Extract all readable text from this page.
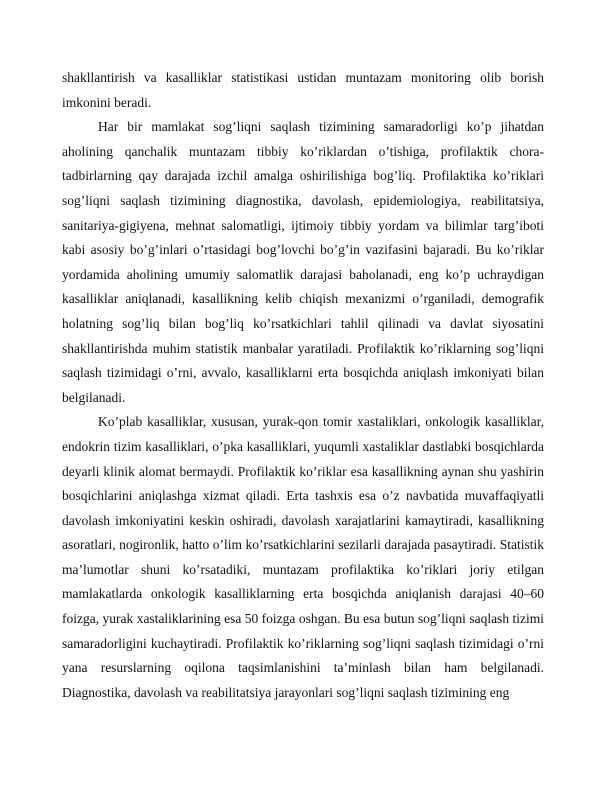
shakllantirish va kasalliklar statistikasi ustidan muntazam monitoring olib borish imkonini beradi.

Har bir mamlakat sog’liqni saqlash tizimining samaradorligi ko’p jihatdan aholining qanchalik muntazam tibbiy ko’riklardan o’tishiga, profilaktik chora-tadbirlarning qay darajada izchil amalga oshirilishiga bog’liq. Profilaktika ko’riklari sog’liqni saqlash tizimining diagnostika, davolash, epidemiologiya, reabilitatsiya, sanitariya-gigiyena, mehnat salomatligi, ijtimoiy tibbiy yordam va bilimlar targ’iboti kabi asosiy bo’g’inlari o’rtasidagi bog’lovchi bo’g’in vazifasini bajaradi. Bu ko’riklar yordamida aholining umumiy salomatlik darajasi baholanadi, eng ko’p uchraydigan kasalliklar aniqlanadi, kasallikning kelib chiqish mexanizmi o’rganiladi, demografik holatning sog’liq bilan bog’liq ko’rsatkichlari tahlil qilinadi va davlat siyosatini shakllantirishda muhim statistik manbalar yaratiladi. Profilaktik ko’riklarning sog’liqni saqlash tizimidagi o’rni, avvalo, kasalliklarni erta bosqichda aniqlash imkoniyati bilan belgilanadi.

Ko’plab kasalliklar, xususan, yurak-qon tomir xastaliklari, onkologik kasalliklar, endokrin tizim kasalliklari, o’pka kasalliklari, yuqumli xastaliklar dastlabki bosqichlarda deyarli klinik alomat bermaydi. Profilaktik ko’riklar esa kasallikning aynan shu yashirin bosqichlarini aniqlashga xizmat qiladi. Erta tashxis esa o’z navbatida muvaffaqiyatli davolash imkoniyatini keskin oshiradi, davolash xarajatlarini kamaytiradi, kasallikning asoratlari, nogironlik, hatto o’lim ko’rsatkichlarini sezilarli darajada pasaytiradi. Statistik ma’lumotlar shuni ko’rsatadiki, muntazam profilaktika ko’riklari joriy etilgan mamlakatlarda onkologik kasalliklarning erta bosqichda aniqlanish darajasi 40–60 foizga, yurak xastaliklarining esa 50 foizga oshgan. Bu esa butun sog’liqni saqlash tizimi samaradorligini kuchaytiradi. Profilaktik ko’riklarning sog’liqni saqlash tizimidagi o’rni yana resurslarning oqilona taqsimlanishini ta’minlash bilan ham belgilanadi. Diagnostika, davolash va reabilitatsiya jarayonlari sog’liqni saqlash tizimining eng
